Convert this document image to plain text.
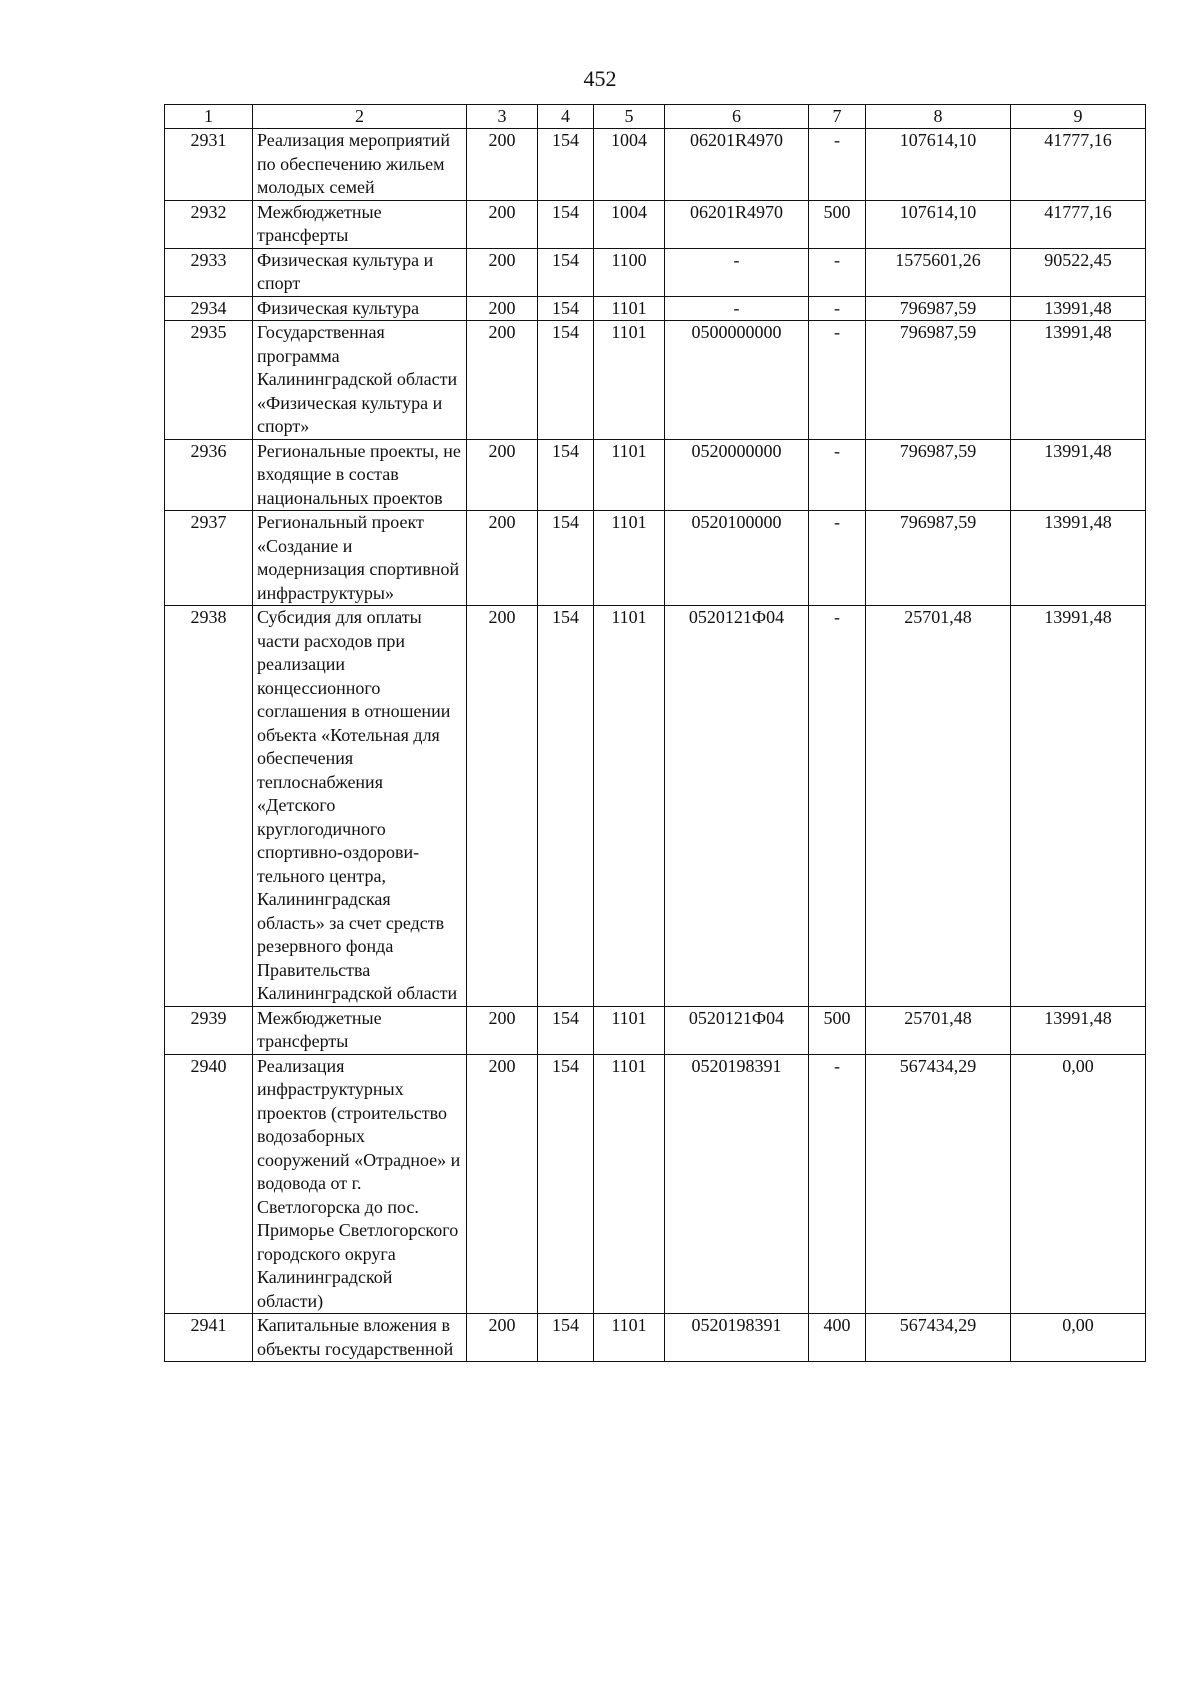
452
1	2	3	4	5	6	7	8	9
2931	Реализация мероприятий по обеспечению жильем молодых семей	200	154	1004	06201R4970	-	107614,10	41777,16
2932	Межбюджетные трансферты	200	154	1004	06201R4970	500	107614,10	41777,16
2933	Физическая культура и спорт	200	154	1100	-	-	1575601,26	90522,45
2934	Физическая культура	200	154	1101	-	-	796987,59	13991,48
2935	Государственная программа Калининградской области «Физическая культура и спорт»	200	154	1101	0500000000	-	796987,59	13991,48
2936	Региональные проекты, не входящие в состав национальных проектов	200	154	1101	0520000000	-	796987,59	13991,48
2937	Региональный проект «Создание и модернизация спортивной инфраструктуры»	200	154	1101	0520100000	-	796987,59	13991,48
2938	Субсидия для оплаты части расходов при реализации концессионного соглашения в отношении объекта «Котельная для обеспечения теплоснабжения «Детского круглогодичного спортивно-оздорови-тельного центра, Калининградская область» за счет средств резервного фонда Правительства Калининградской области	200	154	1101	0520121Ф04	-	25701,48	13991,48
2939	Межбюджетные трансферты	200	154	1101	0520121Ф04	500	25701,48	13991,48
2940	Реализация инфраструктурных проектов (строительство водозаборных сооружений «Отрадное» и водовода от г. Светлогорска до пос. Приморье Светлогорского городского округа Калининградской области)	200	154	1101	0520198391	-	567434,29	0,00
2941	Капитальные вложения в объекты государственной	200	154	1101	0520198391	400	567434,29	0,00
